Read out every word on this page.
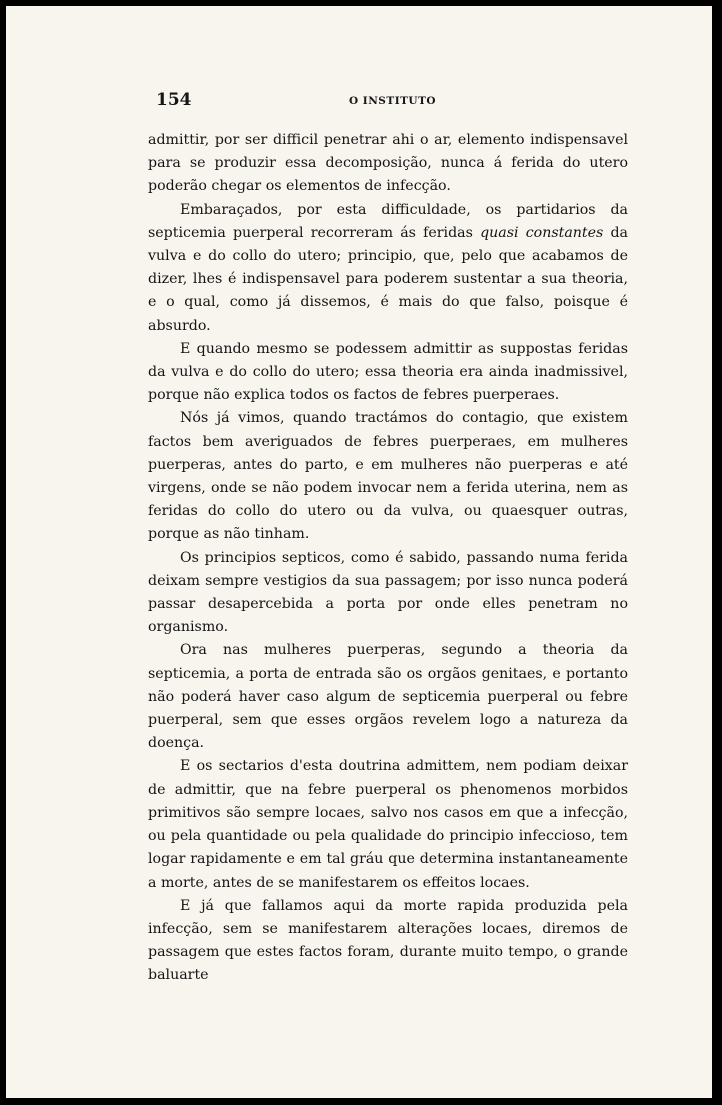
154	O INSTITUTO

admittir, por ser difficil penetrar ahi o ar, elemento indispensavel para se produzir essa decomposição, nunca á ferida do utero poderão chegar os elementos de infecção.

Embaraçados, por esta difficuldade, os partidarios da septicemia puerperal recorreram ás feridas quasi constantes da vulva e do collo do utero; principio, que, pelo que acabamos de dizer, lhes é indispensavel para poderem sustentar a sua theoria, e o qual, como já dissemos, é mais do que falso, poisque é absurdo.

E quando mesmo se podessem admittir as suppostas feridas da vulva e do collo do utero; essa theoria era ainda inadmissivel, porque não explica todos os factos de febres puerperaes.

Nós já vimos, quando tractámos do contagio, que existem factos bem averiguados de febres puerperaes, em mulheres puerperas, antes do parto, e em mulheres não puerperas e até virgens, onde se não podem invocar nem a ferida uterina, nem as feridas do collo do utero ou da vulva, ou quaesquer outras, porque as não tinham.

Os principios septicos, como é sabido, passando numa ferida deixam sempre vestigios da sua passagem; por isso nunca poderá passar desapercebida a porta por onde elles penetram no organismo.

Ora nas mulheres puerperas, segundo a theoria da septicemia, a porta de entrada são os orgãos genitaes, e portanto não poderá haver caso algum de septicemia puerperal ou febre puerperal, sem que esses orgãos revelem logo a natureza da doença.

E os sectarios d'esta doutrina admittem, nem podiam deixar de admittir, que na febre puerperal os phenomenos morbidos primitivos são sempre locaes, salvo nos casos em que a infecção, ou pela quantidade ou pela qualidade do principio infeccioso, tem logar rapidamente e em tal gráu que determina instantaneamente a morte, antes de se manifestarem os effeitos locaes.

E já que fallamos aqui da morte rapida produzida pela infecção, sem se manifestarem alterações locaes, diremos de passagem que estes factos foram, durante muito tempo, o grande baluarte
